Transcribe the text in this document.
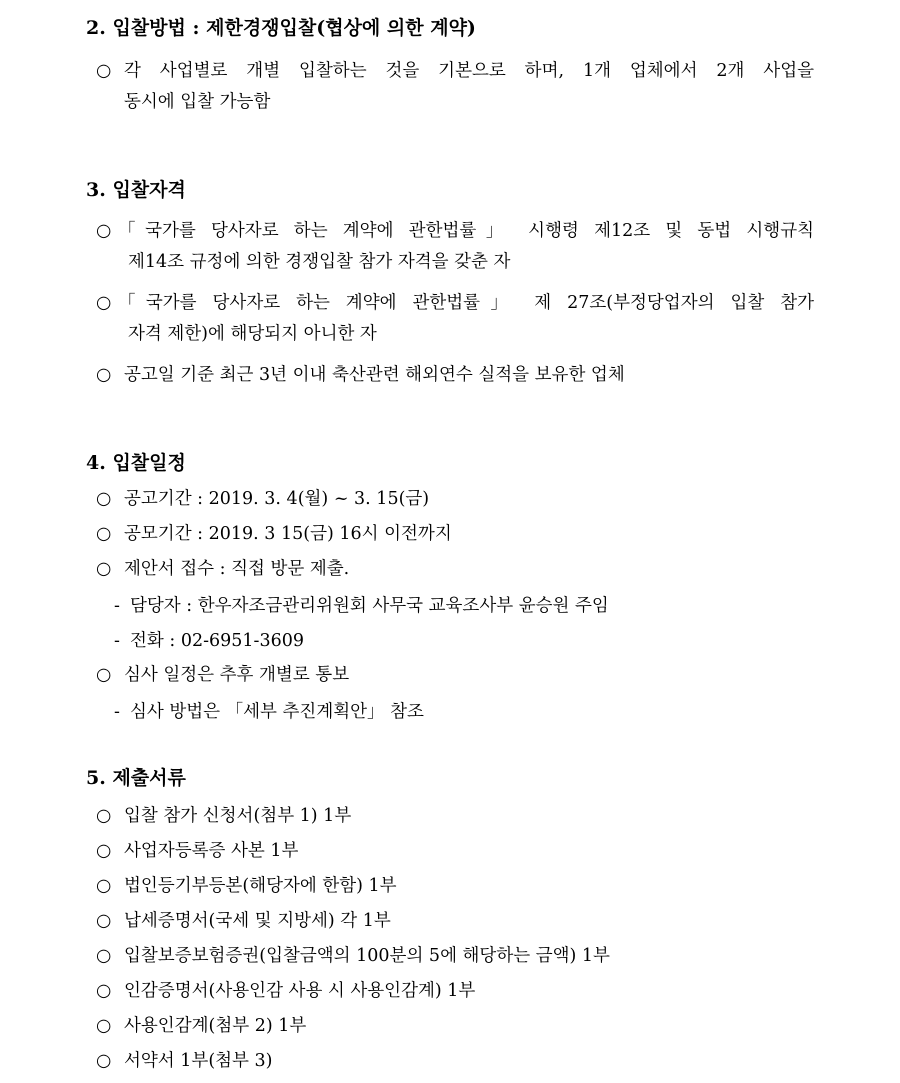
2. 입찰방법 : 제한경쟁입찰(협상에 의한 계약)
○ 각 사업별로 개별 입찰하는 것을 기본으로 하며, 1개 업체에서 2개 사업을
동시에 입찰 가능함
3. 입찰자격
○ 「국가를 당사자로 하는 계약에 관한법률」 시행령 제12조 및 동법 시행규칙
제14조 규정에 의한 경쟁입찰 참가 자격을 갖춘 자
○ 「국가를 당사자로 하는 계약에 관한법률」 제 27조(부정당업자의 입찰 참가
자격 제한)에 해당되지 아니한 자
○ 공고일 기준 최근 3년 이내 축산관련 해외연수 실적을 보유한 업체
4. 입찰일정
○ 공고기간 : 2019. 3. 4(월) ~ 3. 15(금)
○ 공모기간 : 2019. 3 15(금) 16시 이전까지
○ 제안서 접수 : 직접 방문 제출.
- 담당자 : 한우자조금관리위원회 사무국 교육조사부 윤승원 주임
- 전화 : 02-6951-3609
○ 심사 일정은 추후 개별로 통보
- 심사 방법은 「세부 추진계획안」 참조
5. 제출서류
○ 입찰 참가 신청서(첨부 1) 1부
○ 사업자등록증 사본 1부
○ 법인등기부등본(해당자에 한함) 1부
○ 납세증명서(국세 및 지방세) 각 1부
○ 입찰보증보험증권(입찰금액의 100분의 5에 해당하는 금액) 1부
○ 인감증명서(사용인감 사용 시 사용인감계) 1부
○ 사용인감계(첨부 2) 1부
○ 서약서 1부(첨부 3)
